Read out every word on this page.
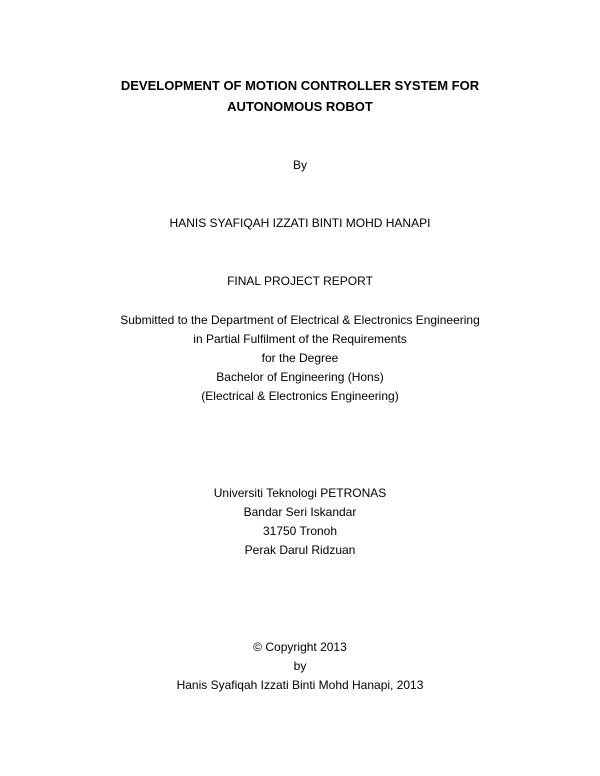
DEVELOPMENT OF MOTION CONTROLLER SYSTEM FOR
AUTONOMOUS ROBOT
By
HANIS SYAFIQAH IZZATI BINTI MOHD HANAPI
FINAL PROJECT REPORT
Submitted to the Department of Electrical & Electronics Engineering
in Partial Fulfilment of the Requirements
for the Degree
Bachelor of Engineering (Hons)
(Electrical & Electronics Engineering)
Universiti Teknologi PETRONAS
Bandar Seri Iskandar
31750 Tronoh
Perak Darul Ridzuan
© Copyright 2013
by
Hanis Syafiqah Izzati Binti Mohd Hanapi, 2013
